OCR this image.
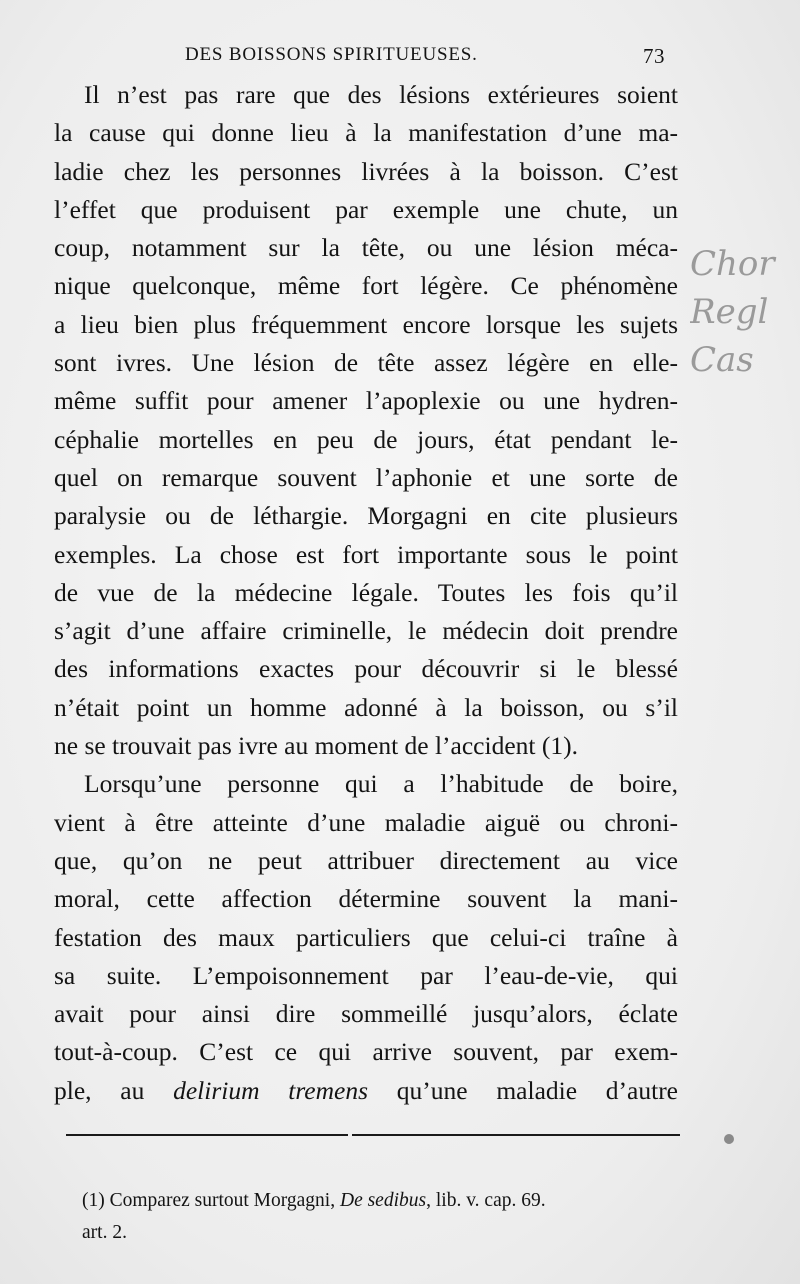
DES BOISSONS SPIRITUEUSES.	73
Il n’est pas rare que des lésions extérieures soient
la cause qui donne lieu à la manifestation d’une ma-
ladie chez les personnes livrées à la boisson. C’est
l’effet que produisent par exemple une chute, un
coup, notamment sur la tête, ou une lésion méca-
nique quelconque, même fort légère. Ce phénomène
a lieu bien plus fréquemment encore lorsque les sujets
sont ivres. Une lésion de tête assez légère en elle-
même suffit pour amener l’apoplexie ou une hydren-
céphalie mortelles en peu de jours, état pendant le-
quel on remarque souvent l’aphonie et une sorte de
paralysie ou de léthargie. Morgagni en cite plusieurs
exemples. La chose est fort importante sous le point
de vue de la médecine légale. Toutes les fois qu’il
s’agit d’une affaire criminelle, le médecin doit prendre
des informations exactes pour découvrir si le blessé
n’était point un homme adonné à la boisson, ou s’il
ne se trouvait pas ivre au moment de l’accident (1).
Lorsqu’une personne qui a l’habitude de boire,
vient à être atteinte d’une maladie aiguë ou chroni-
que, qu’on ne peut attribuer directement au vice
moral, cette affection détermine souvent la mani-
festation des maux particuliers que celui-ci traîne à
sa suite. L’empoisonnement par l’eau-de-vie, qui
avait pour ainsi dire sommeillé jusqu’alors, éclate
tout-à-coup. C’est ce qui arrive souvent, par exem-
ple, au delirium tremens qu’une maladie d’autre
Chor
Regl
Cas
(1) Comparez surtout Morgagni, De sedibus, lib. v. cap. 69.
art. 2.
